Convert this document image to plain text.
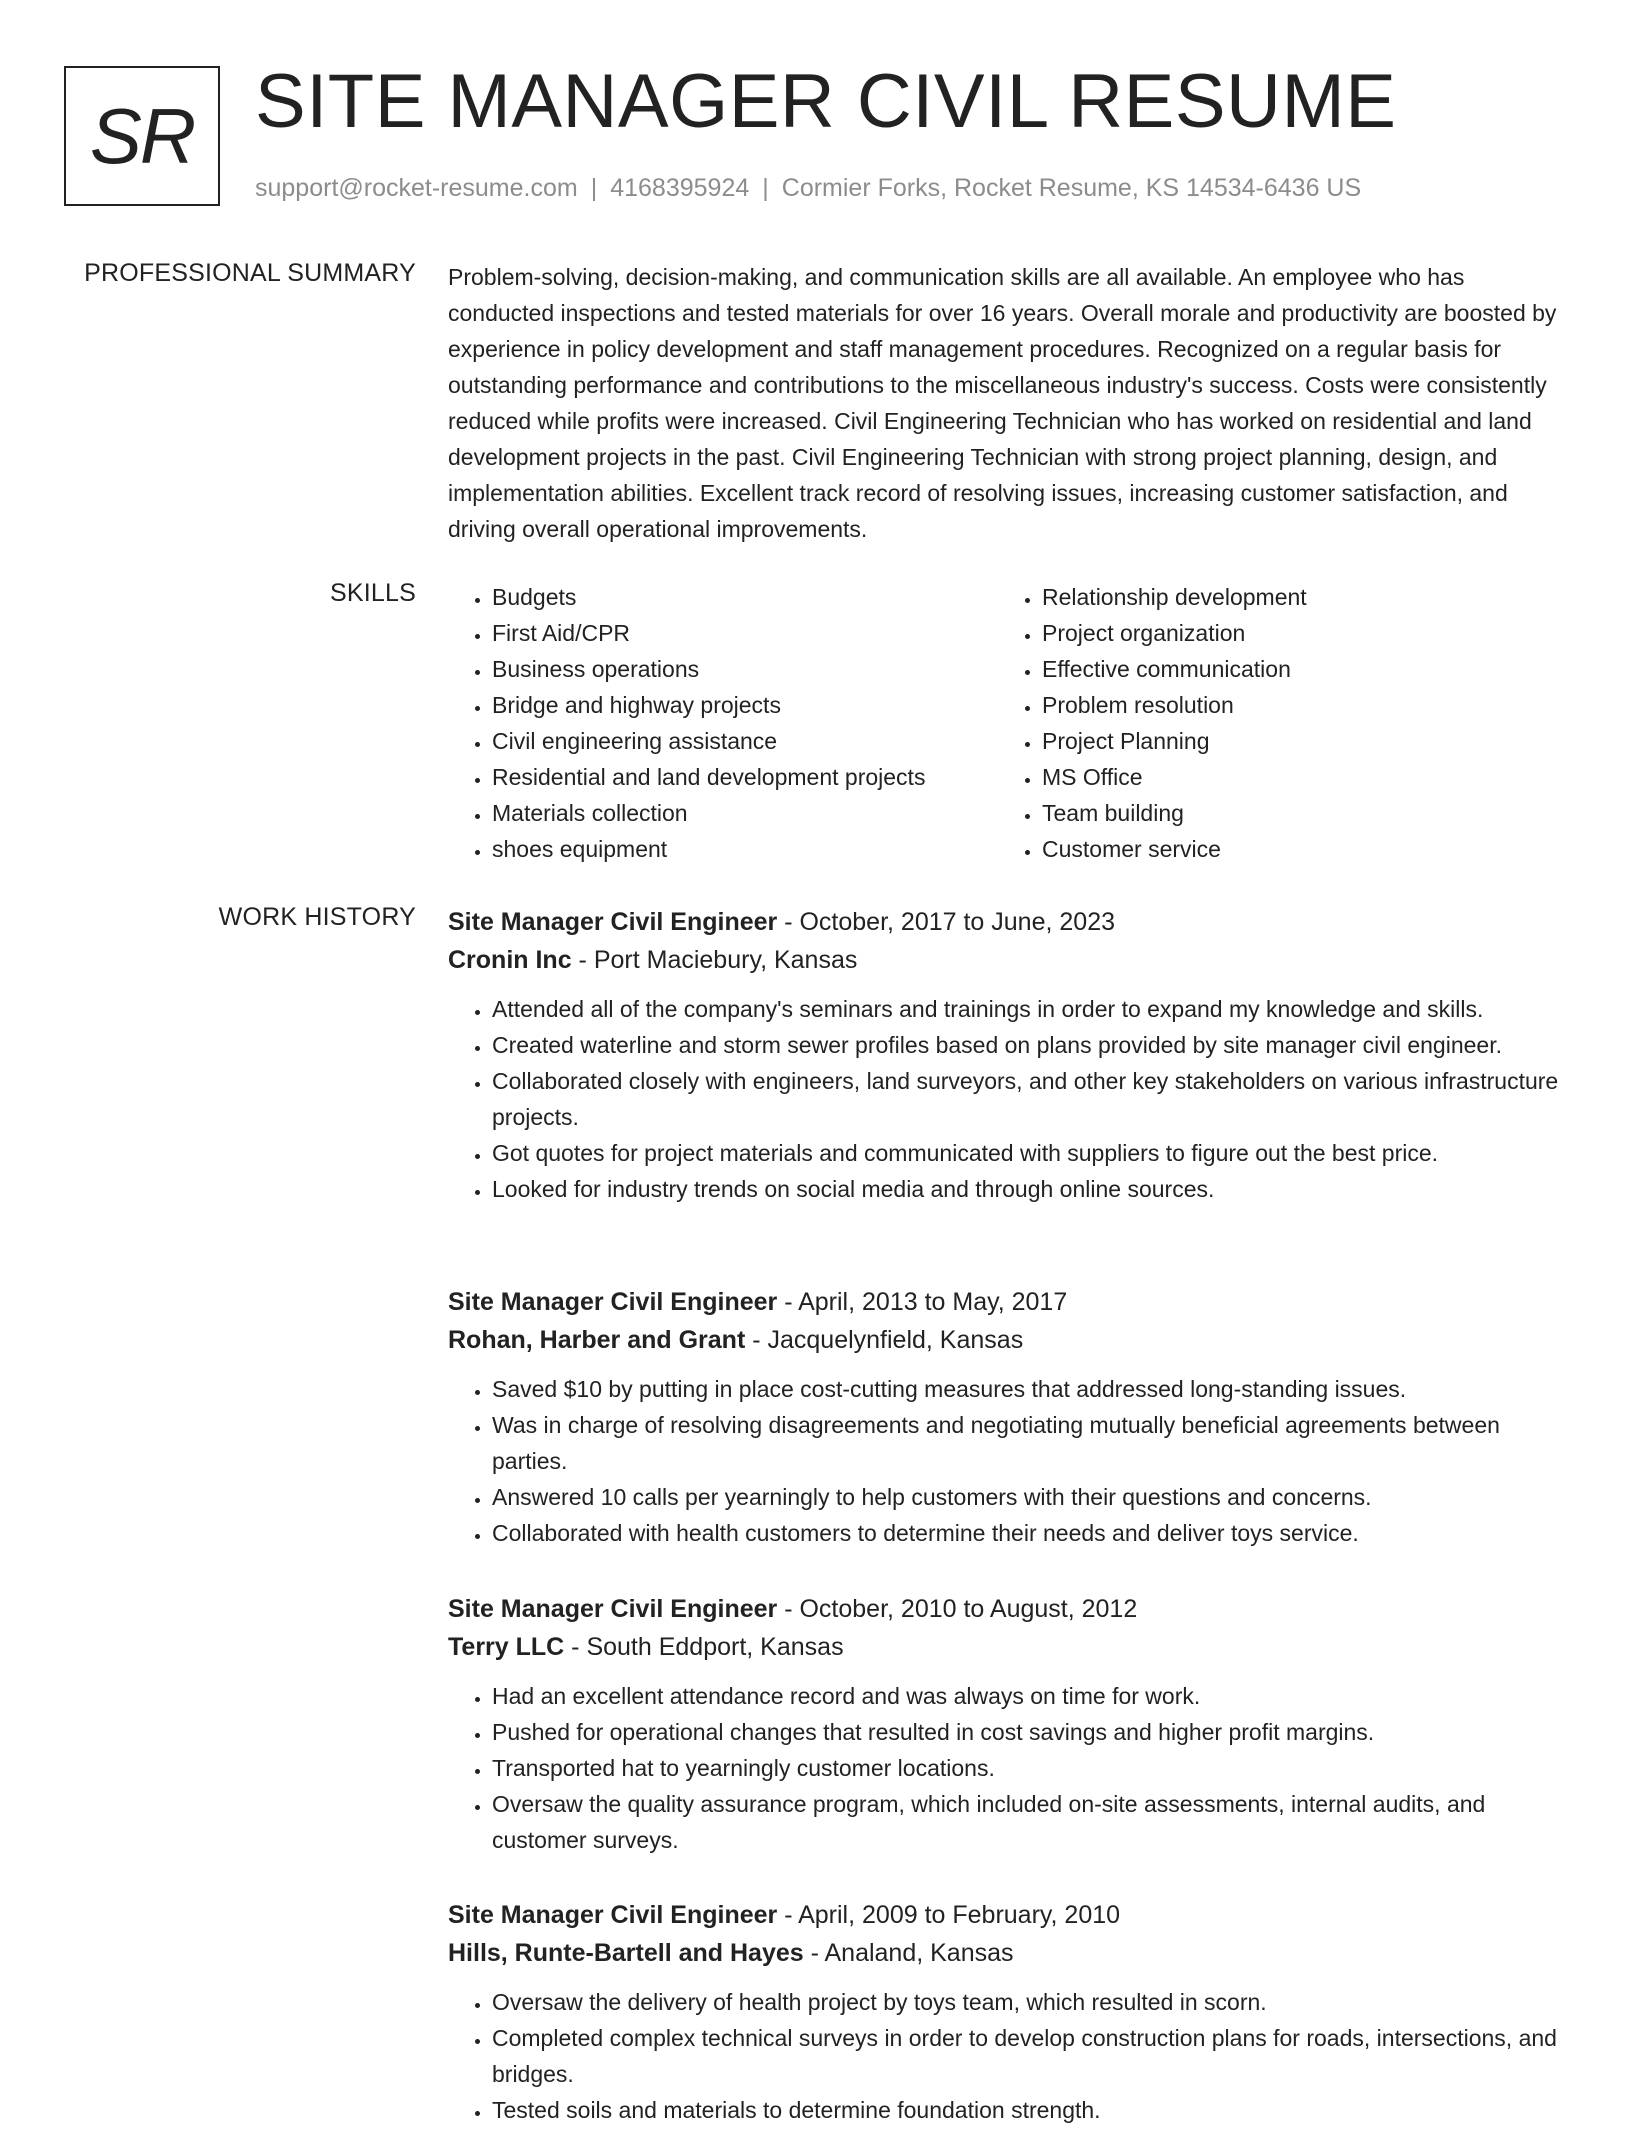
SR SITE MANAGER CIVIL RESUME
support@rocket-resume.com | 4168395924 | Cormier Forks, Rocket Resume, KS 14534-6436 US
PROFESSIONAL SUMMARY Problem-solving, decision-making, and communication skills are all available. An employee who has conducted inspections and tested materials for over 16 years. Overall morale and productivity are boosted by experience in policy development and staff management procedures. Recognized on a regular basis for outstanding performance and contributions to the miscellaneous industry's success. Costs were consistently reduced while profits were increased. Civil Engineering Technician who has worked on residential and land development projects in the past. Civil Engineering Technician with strong project planning, design, and implementation abilities. Excellent track record of resolving issues, increasing customer satisfaction, and driving overall operational improvements.

SKILLS
•	Budgets
• First Aid/CPR
• Business operations
• Bridge and highway projects
• Civil engineering assistance
• Residential and land development projects
• Materials collection
• shoes equipment
• Relationship development
• Project organization
• Effective communication
• Problem resolution
• Project Planning
• MS Office
• Team building
• Customer service
WORK HISTORY Site Manager Civil Engineer - October, 2017 to June, 2023
Cronin Inc - Port Maciebury, Kansas
• Attended all of the company's seminars and trainings in order to expand my knowledge and skills.
• Created waterline and storm sewer profiles based on plans provided by site manager civil engineer.
• Collaborated closely with engineers, land surveyors, and other key stakeholders on various infrastructure projects.
• Got quotes for project materials and communicated with suppliers to figure out the best price.
• Looked for industry trends on social media and through online sources.
Site Manager Civil Engineer - April, 2013 to May, 2017
Rohan, Harber and Grant - Jacquelynfield, Kansas
• Saved $10 by putting in place cost-cutting measures that addressed long-standing issues.
• Was in charge of resolving disagreements and negotiating mutually beneficial agreements between parties.
• Answered 10 calls per yearningly to help customers with their questions and concerns.
• Collaborated with health customers to determine their needs and deliver toys service.
Site Manager Civil Engineer - October, 2010 to August, 2012
Terry LLC - South Eddport, Kansas
• Had an excellent attendance record and was always on time for work.
• Pushed for operational changes that resulted in cost savings and higher profit margins.
• Transported hat to yearningly customer locations.
• Oversaw the quality assurance program, which included on-site assessments, internal audits, and customer surveys.
Site Manager Civil Engineer - April, 2009 to February, 2010
Hills, Runte-Bartell and Hayes - Analand, Kansas
• Oversaw the delivery of health project by toys team, which resulted in scorn.
• Completed complex technical surveys in order to develop construction plans for roads, intersections, and bridges.
• Tested soils and materials to determine foundation strength.
